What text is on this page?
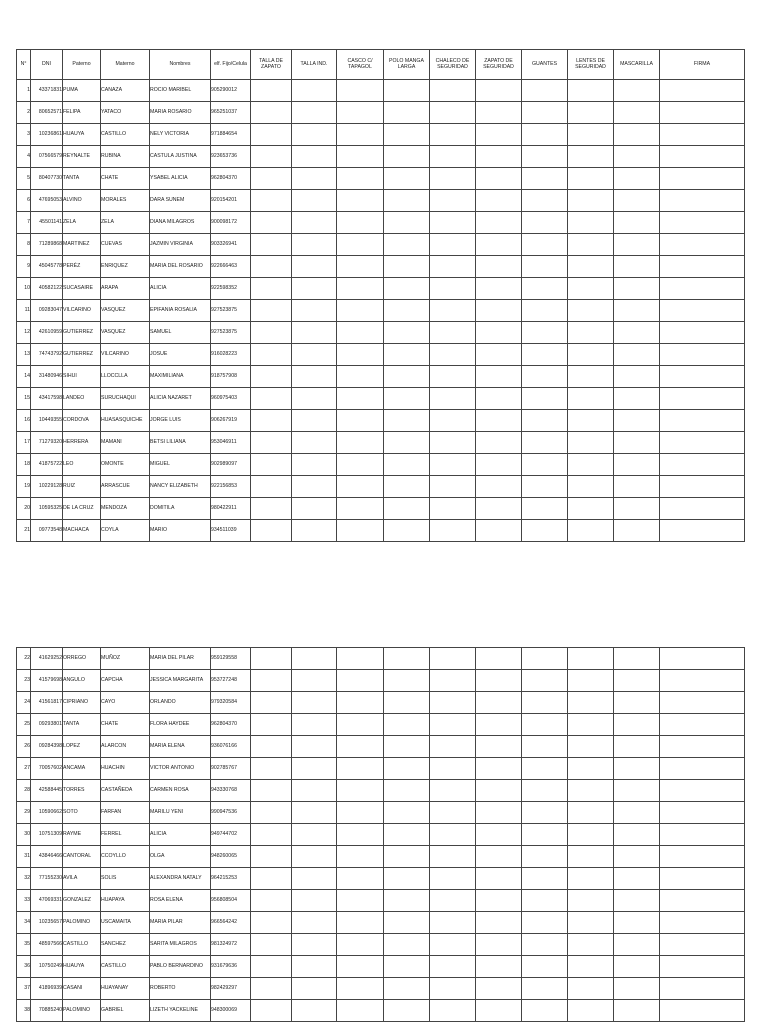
N°	DNI	Paterno	Materno	Nombres	elf. Fijo/Celula	TALLA DE ZAPATO	TALLA IND.	CASCO C/ TAPAGOL	POLO MANGA LARGA	CHALECO DE SEGURIDAD	ZAPATO DE SEGURIDAD	GUANTES	LENTES DE SEGURIDAD	MASCARILLA	FIRMA
1	43371831	PUMA	CANAZA	ROCIO MARIBEL	905290012										
2	80652571	FELIPA	YATACO	MARIA ROSARIO	965251037										
3	10236861	HUAUYA	CASTILLO	NELY VICTORIA	971884654										
4	07566579	REYNALTE	RUBINA	CASTULA JUSTINA	923653736										
5	80407730	TANTA	CHATE	YSABEL ALICIA	962804370										
6	47695053	ALVINO	MORALES	DARA SUNEM	920154201										
7	45501141	ZELA	ZELA	DIANA MILAGROS	900098172										
8	71289868	MARTINEZ	CUEVAS	JAZMIN VIRGINIA	903326941										
9	45045778	PERÉZ	ENRIQUEZ	MARIA DEL ROSARIO	922666463										
10	40582122	SUCASAIRE	ARAPA	ALICIA	922598352										
11	09283047	VILCARINO	VASQUEZ	EPIFANIA ROSALIA	927523875										
12	42610959	GUTIERREZ	VASQUEZ	SAMUEL	927523875										
13	74743792	GUTIERREZ	VILCARINO	JOSUE	916028223										
14	31480946	SIHUI	LLOCCLLA	MAXIMILIANA	918757908										
15	43417598	LANDEO	SURUCHAQUI	ALICIA NAZARET	960975403										
16	10449355	CORDOVA	HUASASQUICHE	JORGE LUIS	906267919										
17	71279320	HERRERA	MAMANI	BETSI LILIANA	953046911										
18	41875722	LEO	OMONTE	MIGUEL	902989097										
19	10229128	RUIZ	ARRASCUE	NANCY ELIZABETH	922156853										
20	10595325	DE LA CRUZ	MENDOZA	DOMITILA	980422911										
21	09773548	MACHACA	COYLA	MARIO	934511039										
22	41629252	ORREGO	MUÑOZ	MARIA DEL PILAR	959129558										
23	41579698	ANGULO	CAPCHA	JESSICA MARGARITA	953727248										
24	41561817	CIPRIANO	CAYO	ORLANDO	979320584										
25	09293801	TANTA	CHATE	FLORA HAYDEE	962804370										
26	09284398	LOPEZ	ALARCON	MARIA ELENA	936076166										
27	70057602	ANCAMA	HUACHIN	VICTOR ANTONIO	902785767										
28	42588445	TORRES	CASTAÑEDA	CARMEN ROSA	943330768										
29	10590662	SOTO	FARFAN	MARILU YENI	990947536										
30	10751309	RAYME	FERREL	ALICIA	949744702										
31	43846466	CANTORAL	CCOYLLO	OLGA	948260065										
32	77155230	AVILA	SOLIS	ALEXANDRA NATALY	964215253										
33	47069331	GONZALEZ	HUAPAYA	ROSA ELENA	956808504										
34	10235657	PALOMINO	USCAMAITA	MARIA PILAR	966564242										
35	48597566	CASTILLO	SANCHEZ	SARITA MILAGROS	981324972										
36	10750249	HUAUYA	CASTILLO	PABLO BERNARDINO	931679636										
37	41896939	CASANI	HUAYANAY	ROBERTO	982429297										
38	70885240	PALOMINO	GABRIEL	LIZETH YACKELINE	948300069										
